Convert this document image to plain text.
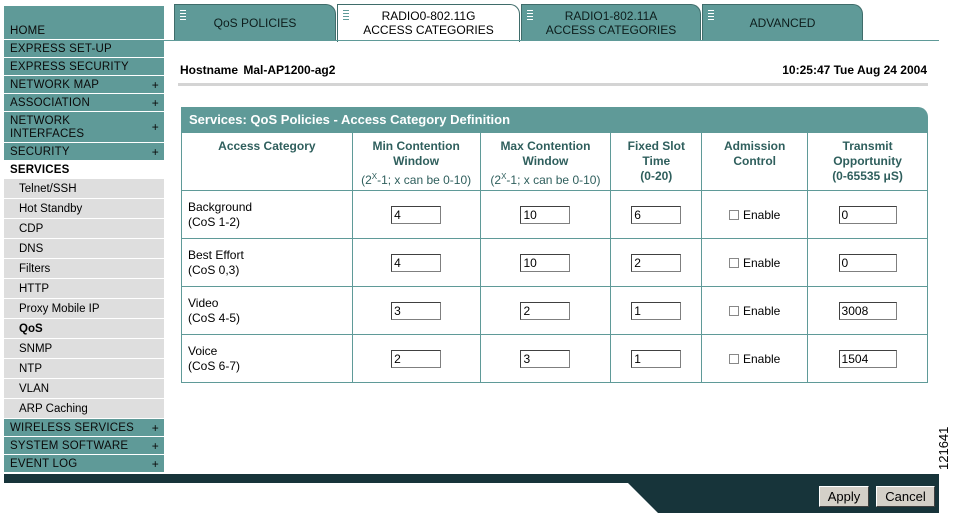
HOME
EXPRESS SET-UP
EXPRESS SECURITY
NETWORK MAP	+
ASSOCIATION	+
NETWORK
INTERFACES	+
SECURITY	+
SERVICES
Telnet/SSH
Hot Standby
CDP
DNS
Filters
HTTP
Proxy Mobile IP
QoS
SNMP
NTP
VLAN
ARP Caching
WIRELESS SERVICES +
SYSTEM SOFTWARE +
EVENT LOG	+
QoS POLICIES	RADIO0-802.11G
ACCESS CATEGORIES
RADIO1-802.11A
ACCESS CATEGORIES	ADVANCED
Hostname Mal-AP1200-ag2	10:25:47 Tue Aug 24 2004
Services: QoS Policies - Access Category Definition
Access Category	Min Contention
Window
($2^X-1$; x can be 0-10)	Max Contention
Window
($2^X-1$; x can be 0-10)	Fixed Slot
Time
(0-20)	Admission
Control	Transmit
Opportunity
(0-65535 μS)
Background
(CoS 1-2)	4	10	6	Enable	0
Best Effort
(CoS 0,3)	4	10	2	Enable	0
Video
(CoS 4-5)	3	2	1	Enable	3008
Voice
(CoS 6-7)	2	3	1	Enable	1504
Apply	Cancel
121641
